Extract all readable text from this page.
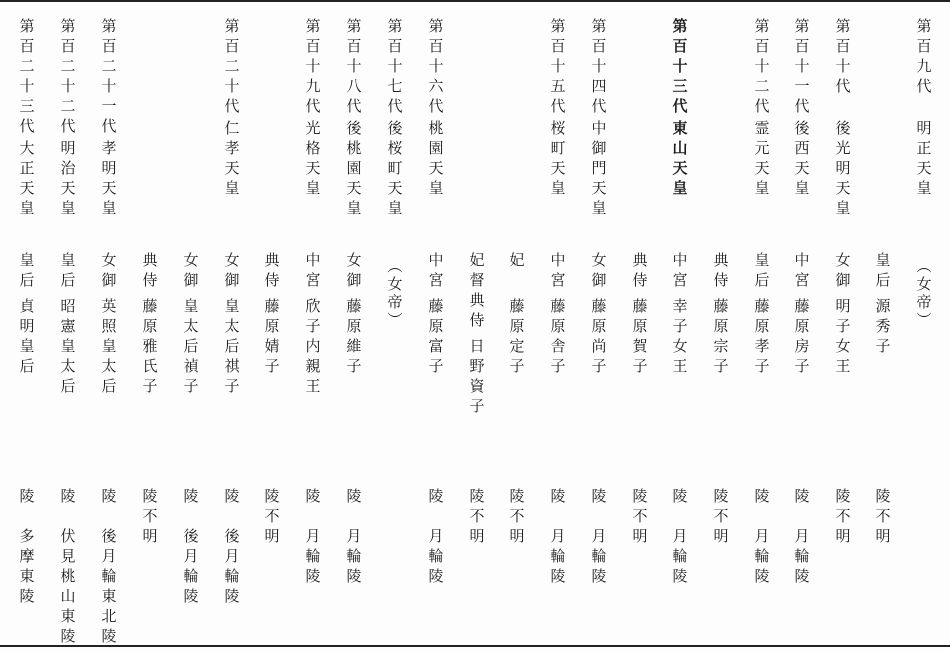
第百九代
明正天皇
（女帝）
皇后
源秀子
陵不明
第百十代
後光明天皇
女御
明子女王
陵不明
第百十一代
後西天皇
中宮
藤原房子
陵　月輪陵
第百十二代
霊元天皇
皇后
藤原孝子
陵　月輪陵
典侍
藤原宗子
陵不明
第百十三代
東山天皇
中宮
幸子女王
陵　月輪陵
典侍
藤原賀子
陵不明
第百十四代
中御門天皇
女御
藤原尚子
陵　月輪陵
第百十五代
桜町天皇
中宮
藤原舎子
陵　月輪陵
妃
藤原定子
陵不明
妃督典侍
日野資子
陵不明
第百十六代
桃園天皇
中宮
藤原富子
陵　月輪陵
第百十七代
後桜町天皇
（女帝）
第百十八代
後桃園天皇
女御
藤原維子
陵　月輪陵
第百十九代
光格天皇
中宮
欣子内親王
陵　月輪陵
典侍
藤原婧子
陵不明
第百二十代
仁孝天皇
女御
皇太后祺子
陵　後月輪陵
女御
皇太后禎子
陵　後月輪陵
典侍
藤原雅氏子
陵不明
第百二十一代
孝明天皇
女御
英照皇太后
陵　後月輪東北陵
第百二十二代
明治天皇
皇后
昭憲皇太后
陵　伏見桃山東陵
第百二十三代
大正天皇
皇后
貞明皇后
陵　多摩東陵
